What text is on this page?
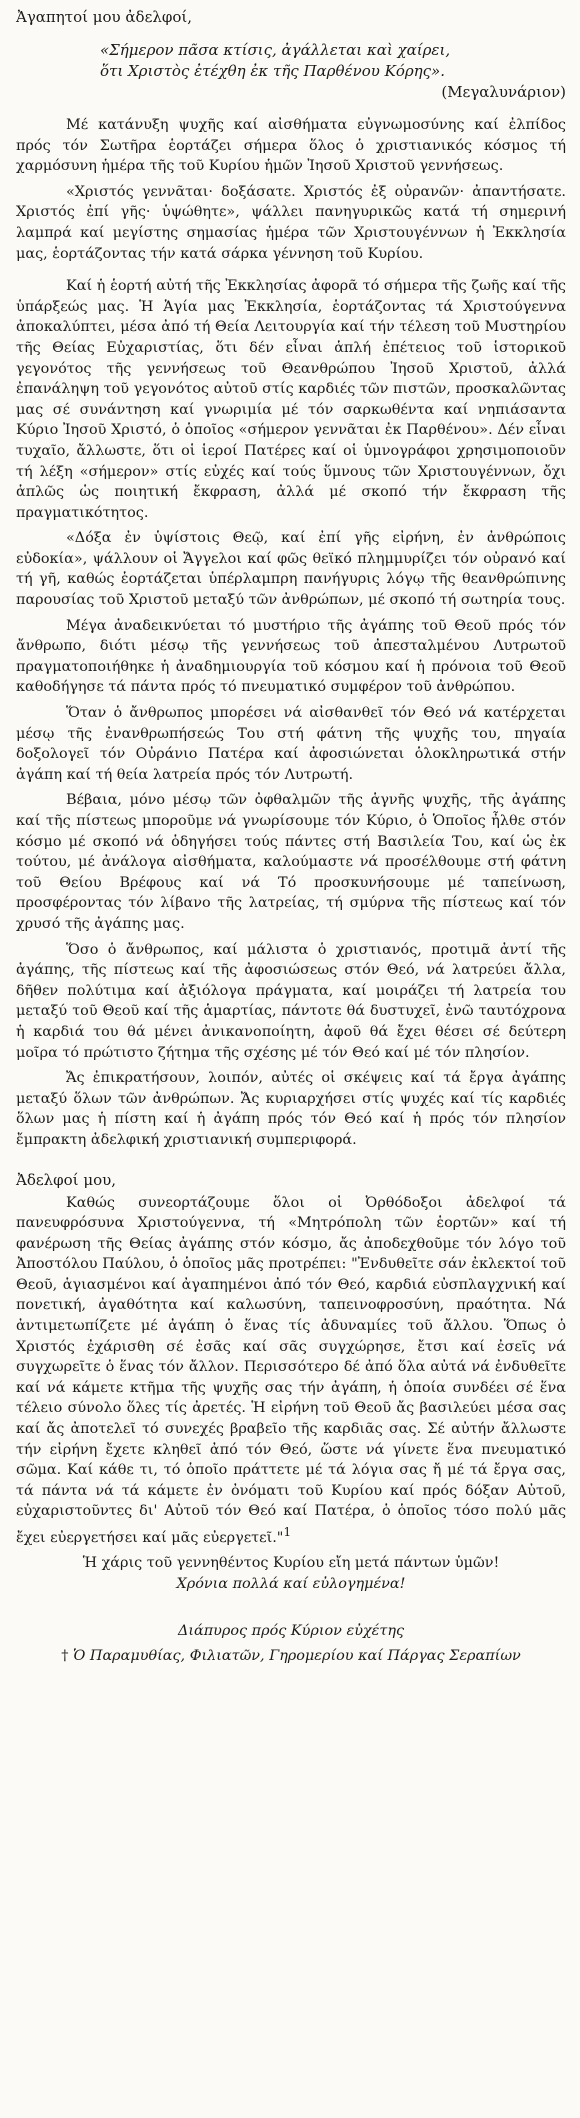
Ἀγαπητοί μου ἀδελφοί,

«Σήμερον πᾶσα κτίσις, ἀγάλλεται καὶ χαίρει,
ὅτι Χριστὸς ἐτέχθη ἐκ τῆς Παρθένου Κόρης».
(Μεγαλυνάριον)

Μέ κατάνυξη ψυχῆς καί αἰσθήματα εὐγνωμοσύνης καί ἐλπίδος πρός τόν Σωτῆρα ἑορτάζει σήμερα ὅλος ὁ χριστιανικός κόσμος τή χαρμόσυνη ἡμέρα τῆς τοῦ Κυρίου ἡμῶν Ἰησοῦ Χριστοῦ γεννήσεως.

«Χριστός γεννᾶται· δοξάσατε. Χριστός ἐξ οὐρανῶν· ἀπαντήσατε. Χριστός ἐπί γῆς· ὑψώθητε», ψάλλει πανηγυρικῶς κατά τή σημερινή λαμπρά καί μεγίστης σημασίας ἡμέρα τῶν Χριστουγέννων ἡ Ἐκκλησία μας, ἑορτάζοντας τήν κατά σάρκα γέννηση τοῦ Κυρίου.

Καί ἡ ἑορτή αὐτή τῆς Ἐκκλησίας ἀφορᾶ τό σήμερα τῆς ζωῆς καί τῆς ὑπάρξεώς μας. Ἡ Ἁγία μας Ἐκκλησία, ἑορτάζοντας τά Χριστούγεννα ἀποκαλύπτει, μέσα ἀπό τή Θεία Λειτουργία καί τήν τέλεση τοῦ Μυστηρίου τῆς Θείας Εὐχαριστίας, ὅτι δέν εἶναι ἁπλή ἐπέτειος τοῦ ἱστορικοῦ γεγονότος τῆς γεννήσεως τοῦ Θεανθρώπου Ἰησοῦ Χριστοῦ, ἀλλά ἐπανάληψη τοῦ γεγονότος αὐτοῦ στίς καρδιές τῶν πιστῶν, προσκαλῶντας μας σέ συνάντηση καί γνωριμία μέ τόν σαρκωθέντα καί νηπιάσαντα Κύριο Ἰησοῦ Χριστό, ὁ ὁποῖος «σήμερον γεννᾶται ἐκ Παρθένου». Δέν εἶναι τυχαῖο, ἄλλωστε, ὅτι οἱ ἱεροί Πατέρες καί οἱ ὑμνογράφοι χρησιμοποιοῦν τή λέξη «σήμερον» στίς εὐχές καί τούς ὕμνους τῶν Χριστουγέννων, ὄχι ἁπλῶς ὡς ποιητική ἔκφραση, ἀλλά μέ σκοπό τήν ἔκφραση τῆς πραγματικότητος.

«Δόξα ἐν ὑψίστοις Θεῷ, καί ἐπί γῆς εἰρήνη, ἐν ἀνθρώποις εὐδοκία», ψάλλουν οἱ Ἄγγελοι καί φῶς θεϊκό πλημμυρίζει τόν οὐρανό καί τή γῆ, καθώς ἑορτάζεται ὑπέρλαμπρη πανήγυρις λόγῳ τῆς θεανθρώπινης παρουσίας τοῦ Χριστοῦ μεταξύ τῶν ἀνθρώπων, μέ σκοπό τή σωτηρία τους.

Μέγα ἀναδεικνύεται τό μυστήριο τῆς ἀγάπης τοῦ Θεοῦ πρός τόν ἄνθρωπο, διότι μέσῳ τῆς γεννήσεως τοῦ ἀπεσταλμένου Λυτρωτοῦ πραγματοποιήθηκε ἡ ἀναδημιουργία τοῦ κόσμου καί ἡ πρόνοια τοῦ Θεοῦ καθοδήγησε τά πάντα πρός τό πνευματικό συμφέρον τοῦ ἀνθρώπου.

Ὅταν ὁ ἄνθρωπος μπορέσει νά αἰσθανθεῖ τόν Θεό νά κατέρχεται μέσῳ τῆς ἐνανθρωπήσεώς Του στή φάτνη τῆς ψυχῆς του, πηγαία δοξολογεῖ τόν Οὐράνιο Πατέρα καί ἀφοσιώνεται ὁλοκληρωτικά στήν ἀγάπη καί τή θεία λατρεία πρός τόν Λυτρωτή.

Βέβαια, μόνο μέσῳ τῶν ὀφθαλμῶν τῆς ἁγνῆς ψυχῆς, τῆς ἀγάπης καί τῆς πίστεως μποροῦμε νά γνωρίσουμε τόν Κύριο, ὁ Ὁποῖος ἦλθε στόν κόσμο μέ σκοπό νά ὁδηγήσει τούς πάντες στή Βασιλεία Του, καί ὡς ἐκ τούτου, μέ ἀνάλογα αἰσθήματα, καλούμαστε νά προσέλθουμε στή φάτνη τοῦ Θείου Βρέφους καί νά Τό προσκυνήσουμε μέ ταπείνωση, προσφέροντας τόν λίβανο τῆς λατρείας, τή σμύρνα τῆς πίστεως καί τόν χρυσό τῆς ἀγάπης μας.

Ὅσο ὁ ἄνθρωπος, καί μάλιστα ὁ χριστιανός, προτιμᾶ ἀντί τῆς ἀγάπης, τῆς πίστεως καί τῆς ἀφοσιώσεως στόν Θεό, νά λατρεύει ἄλλα, δῆθεν πολύτιμα καί ἀξιόλογα πράγματα, καί μοιράζει τή λατρεία του μεταξύ τοῦ Θεοῦ καί τῆς ἁμαρτίας, πάντοτε θά δυστυχεῖ, ἐνῶ ταυτόχρονα ἡ καρδιά του θά μένει ἀνικανοποίητη, ἀφοῦ θά ἔχει θέσει σέ δεύτερη μοῖρα τό πρώτιστο ζήτημα τῆς σχέσης μέ τόν Θεό καί μέ τόν πλησίον.

Ἄς ἐπικρατήσουν, λοιπόν, αὐτές οἱ σκέψεις καί τά ἔργα ἀγάπης μεταξύ ὅλων τῶν ἀνθρώπων. Ἄς κυριαρχήσει στίς ψυχές καί τίς καρδιές ὅλων μας ἡ πίστη καί ἡ ἀγάπη πρός τόν Θεό καί ἡ πρός τόν πλησίον ἔμπρακτη ἀδελφική χριστιανική συμπεριφορά.

Ἀδελφοί μου,

Καθώς συνεορτάζουμε ὅλοι οἱ Ὀρθόδοξοι ἀδελφοί τά πανευφρόσυνα Χριστούγεννα, τή «Μητρόπολη τῶν ἑορτῶν» καί τή φανέρωση τῆς Θείας ἀγάπης στόν κόσμο, ἄς ἀποδεχθοῦμε τόν λόγο τοῦ Ἀποστόλου Παύλου, ὁ ὁποῖος μᾶς προτρέπει: "Ἐνδυθεῖτε σάν ἐκλεκτοί τοῦ Θεοῦ, ἁγιασμένοι καί ἀγαπημένοι ἀπό τόν Θεό, καρδιά εὐσπλαγχνική καί πονετική, ἀγαθότητα καί καλωσύνη, ταπεινοφροσύνη, πραότητα. Νά ἀντιμετωπίζετε μέ ἀγάπη ὁ ἕνας τίς ἀδυναμίες τοῦ ἄλλου. Ὅπως ὁ Χριστός ἐχάρισθη σέ ἐσᾶς καί σᾶς συγχώρησε, ἔτσι καί ἐσεῖς νά συγχωρεῖτε ὁ ἕνας τόν ἄλλον. Περισσότερο δέ ἀπό ὅλα αὐτά νά ἐνδυθεῖτε καί νά κάμετε κτῆμα τῆς ψυχῆς σας τήν ἀγάπη, ἡ ὁποία συνδέει σέ ἕνα τέλειο σύνολο ὅλες τίς ἀρετές. Ἡ εἰρήνη τοῦ Θεοῦ ἄς βασιλεύει μέσα σας καί ἄς ἀποτελεῖ τό συνεχές βραβεῖο τῆς καρδιᾶς σας. Σέ αὐτήν ἄλλωστε τήν εἰρήνη ἔχετε κληθεῖ ἀπό τόν Θεό, ὥστε νά γίνετε ἕνα πνευματικό σῶμα. Καί κάθε τι, τό ὁποῖο πράττετε μέ τά λόγια σας ἤ μέ τά ἔργα σας, τά πάντα νά τά κάμετε ἐν ὀνόματι τοῦ Κυρίου καί πρός δόξαν Αὐτοῦ, εὐχαριστοῦντες δι' Αὐτοῦ τόν Θεό καί Πατέρα, ὁ ὁποῖος τόσο πολύ μᾶς ἔχει εὐεργετήσει καί μᾶς εὐεργετεῖ."$^1$

Ἡ χάρις τοῦ γεννηθέντος Κυρίου εἴη μετά πάντων ὑμῶν!

Χρόνια πολλά καί εὐλογημένα!

Διάπυρος πρός Κύριον εὐχέτης

† Ὁ Παραμυθίας, Φιλιατῶν, Γηρομερίου καί Πάργας Σεραπίων
